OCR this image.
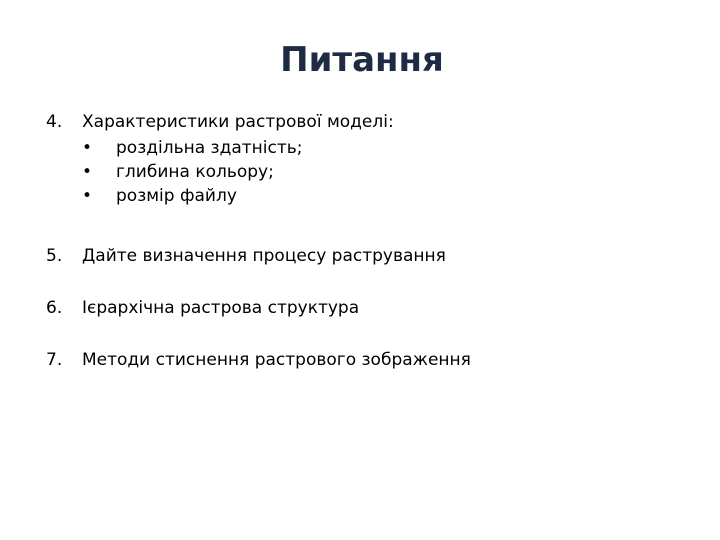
Питання
4. Характеристики растрової моделі:
•	роздільна здатність;
•	глибина кольору;
•	розмір файлу
5. Дайте визначення процесу растрування
6. Ієрархічна растрова структура
7. Методи стиснення растрового зображення
